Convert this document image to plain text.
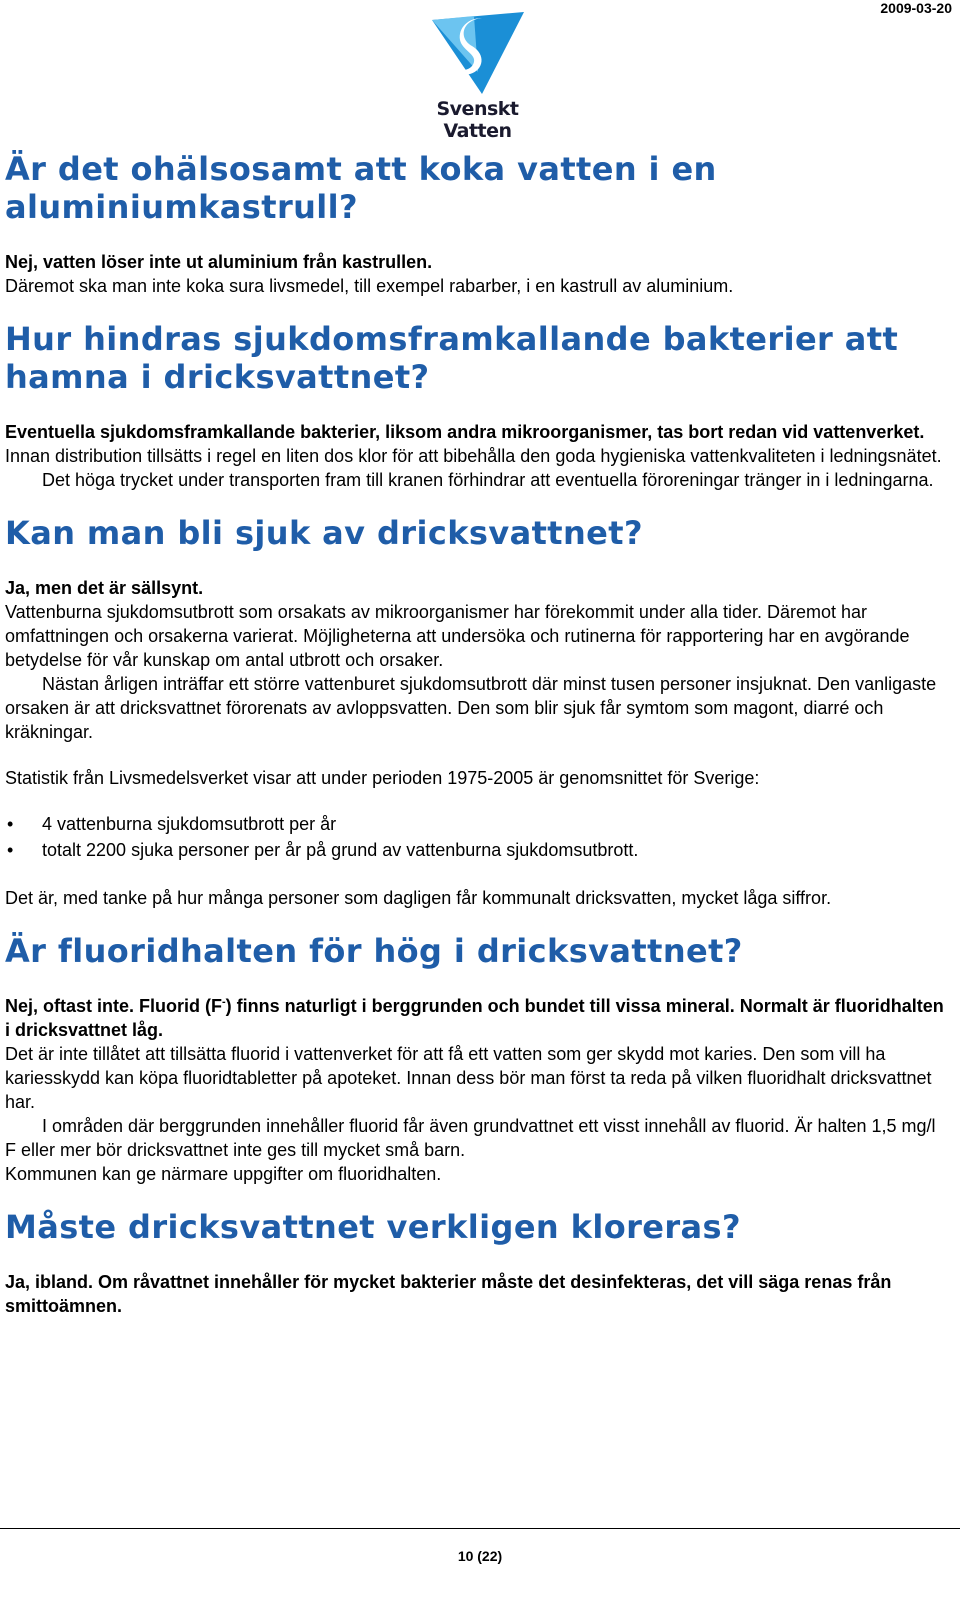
2009-03-20
Svenskt Vatten
Är det ohälsosamt att koka vatten i en aluminiumkastrull?

Nej, vatten löser inte ut aluminium från kastrullen.

Däremot ska man inte koka sura livsmedel, till exempel rabarber, i en kastrull av aluminium.

Hur hindras sjukdomsframkallande bakterier att hamna i dricksvattnet?

Eventuella sjukdomsframkallande bakterier, liksom andra mikroorganismer, tas bort redan vid vattenverket.

Innan distribution tillsätts i regel en liten dos klor för att bibehålla den goda hygieniska vattenkvaliteten i ledningsnätet.

Det höga trycket under transporten fram till kranen förhindrar att eventuella föroreningar tränger in i ledningarna.

Kan man bli sjuk av dricksvattnet?

Ja, men det är sällsynt.

Vattenburna sjukdomsutbrott som orsakats av mikroorganismer har förekommit under alla tider. Däremot har omfattningen och orsakerna varierat. Möjligheterna att undersöka och rutinerna för rapportering har en avgörande betydelse för vår kunskap om antal utbrott och orsaker.

Nästan årligen inträffar ett större vattenburet sjukdomsutbrott där minst tusen personer insjuknat. Den vanligaste orsaken är att dricksvattnet förorenats av avloppsvatten. Den som blir sjuk får symtom som magont, diarré och kräkningar.

Statistik från Livsmedelsverket visar att under perioden 1975-2005 är genomsnittet för Sverige:

• 4 vattenburna sjukdomsutbrott per år
• totalt 2200 sjuka personer per år på grund av vattenburna sjukdomsutbrott.

Det är, med tanke på hur många personer som dagligen får kommunalt dricksvatten, mycket låga siffror.

Är fluoridhalten för hög i dricksvattnet?

Nej, oftast inte. Fluorid (F-) finns naturligt i berggrunden och bundet till vissa mineral. Normalt är fluoridhalten i dricksvattnet låg.

Det är inte tillåtet att tillsätta fluorid i vattenverket för att få ett vatten som ger skydd mot karies. Den som vill ha kariesskydd kan köpa fluoridtabletter på apoteket. Innan dess bör man först ta reda på vilken fluoridhalt dricksvattnet har.

I områden där berggrunden innehåller fluorid får även grundvattnet ett visst innehåll av fluorid. Är halten 1,5 mg/l F eller mer bör dricksvattnet inte ges till mycket små barn.

Kommunen kan ge närmare uppgifter om fluoridhalten.

Måste dricksvattnet verkligen kloreras?

Ja, ibland. Om råvattnet innehåller för mycket bakterier måste det desinfekteras, det vill säga renas från smittoämnen.

10 (22)
